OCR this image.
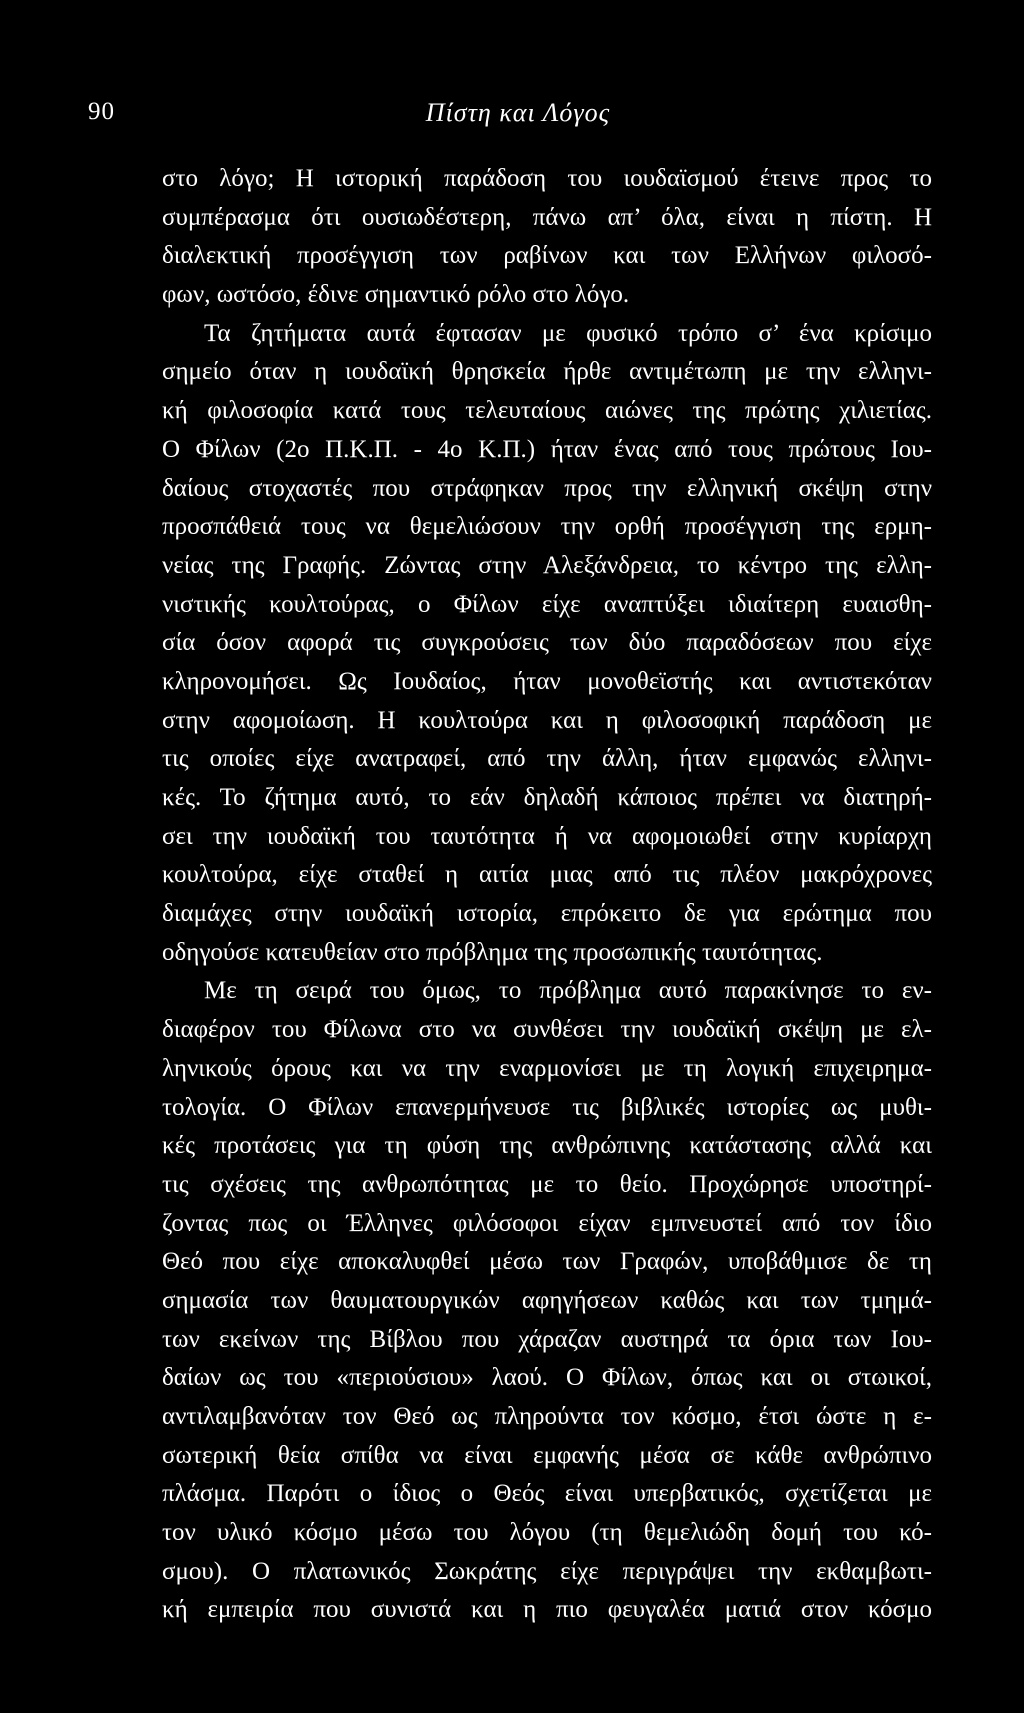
90	Πίστη και Λόγος
στο λόγο; Η ιστορική παράδοση του ιουδαϊσμού έτεινε προς το
συμπέρασμα ότι ουσιωδέστερη, πάνω απ’ όλα, είναι η πίστη. Η
διαλεκτική προσέγγιση των ραβίνων και των Ελλήνων φιλοσό-
φων, ωστόσο, έδινε σημαντικό ρόλο στο λόγο.
Τα ζητήματα αυτά έφτασαν με φυσικό τρόπο σ’ ένα κρίσιμο
σημείο όταν η ιουδαϊκή θρησκεία ήρθε αντιμέτωπη με την ελληνι-
κή φιλοσοφία κατά τους τελευταίους αιώνες της πρώτης χιλιετίας.
Ο Φίλων (2ο Π.Κ.Π. - 4ο Κ.Π.) ήταν ένας από τους πρώτους Ιου-
δαίους στοχαστές που στράφηκαν προς την ελληνική σκέψη στην
προσπάθειά τους να θεμελιώσουν την ορθή προσέγγιση της ερμη-
νείας της Γραφής. Ζώντας στην Αλεξάνδρεια, το κέντρο της ελλη-
νιστικής κουλτούρας, ο Φίλων είχε αναπτύξει ιδιαίτερη ευαισθη-
σία όσον αφορά τις συγκρούσεις των δύο παραδόσεων που είχε
κληρονομήσει. Ως Ιουδαίος, ήταν μονοθεϊστής και αντιστεκόταν
στην αφομοίωση. Η κουλτούρα και η φιλοσοφική παράδοση με
τις οποίες είχε ανατραφεί, από την άλλη, ήταν εμφανώς ελληνι-
κές. Το ζήτημα αυτό, το εάν δηλαδή κάποιος πρέπει να διατηρή-
σει την ιουδαϊκή του ταυτότητα ή να αφομοιωθεί στην κυρίαρχη
κουλτούρα, είχε σταθεί η αιτία μιας από τις πλέον μακρόχρονες
διαμάχες στην ιουδαϊκή ιστορία, επρόκειτο δε για ερώτημα που
οδηγούσε κατευθείαν στο πρόβλημα της προσωπικής ταυτότητας.
Με τη σειρά του όμως, το πρόβλημα αυτό παρακίνησε το εν-
διαφέρον του Φίλωνα στο να συνθέσει την ιουδαϊκή σκέψη με ελ-
ληνικούς όρους και να την εναρμονίσει με τη λογική επιχειρημα-
τολογία. Ο Φίλων επανερμήνευσε τις βιβλικές ιστορίες ως μυθι-
κές προτάσεις για τη φύση της ανθρώπινης κατάστασης αλλά και
τις σχέσεις της ανθρωπότητας με το θείο. Προχώρησε υποστηρί-
ζοντας πως οι Έλληνες φιλόσοφοι είχαν εμπνευστεί από τον ίδιο
Θεό που είχε αποκαλυφθεί μέσω των Γραφών, υποβάθμισε δε τη
σημασία των θαυματουργικών αφηγήσεων καθώς και των τμημά-
των εκείνων της Βίβλου που χάραζαν αυστηρά τα όρια των Ιου-
δαίων ως του «περιούσιου» λαού. Ο Φίλων, όπως και οι στωικοί,
αντιλαμβανόταν τον Θεό ως πληρούντα τον κόσμο, έτσι ώστε η ε-
σωτερική θεία σπίθα να είναι εμφανής μέσα σε κάθε ανθρώπινο
πλάσμα. Παρότι ο ίδιος ο Θεός είναι υπερβατικός, σχετίζεται με
τον υλικό κόσμο μέσω του λόγου (τη θεμελιώδη δομή του κό-
σμου). Ο πλατωνικός Σωκράτης είχε περιγράψει την εκθαμβωτι-
κή εμπειρία που συνιστά και η πιο φευγαλέα ματιά στον κόσμο
